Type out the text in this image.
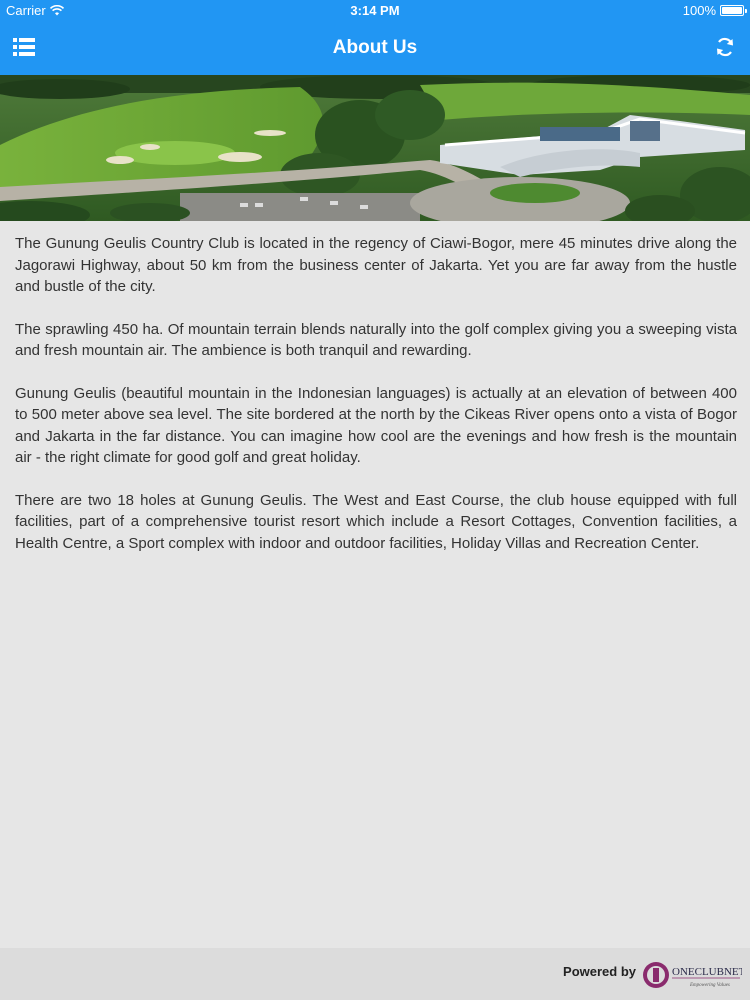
Carrier	3:14 PM	100%
About Us

The Gunung Geulis Country Club is located in the regency of Ciawi-Bogor, mere 45 minutes drive along the Jagorawi Highway, about 50 km from the business center of Jakarta. Yet you are far away from the hustle and bustle of the city.

The sprawling 450 ha. Of mountain terrain blends naturally into the golf complex giving you a sweeping vista and fresh mountain air. The ambience is both tranquil and rewarding.

Gunung Geulis (beautiful mountain in the Indonesian languages) is actually at an elevation of between 400 to 500 meter above sea level. The site bordered at the north by the Cikeas River opens onto a vista of Bogor and Jakarta in the far distance. You can imagine how cool are the evenings and how fresh is the mountain air - the right climate for good golf and great holiday.

There are two 18 holes at Gunung Geulis. The West and East Course, the club house equipped with full facilities, part of a comprehensive tourist resort which include a Resort Cottages, Convention facilities, a Health Centre, a Sport complex with indoor and outdoor facilities, Holiday Villas and Recreation Center.

Powered by	ONECLUBNET
Empowering Values
